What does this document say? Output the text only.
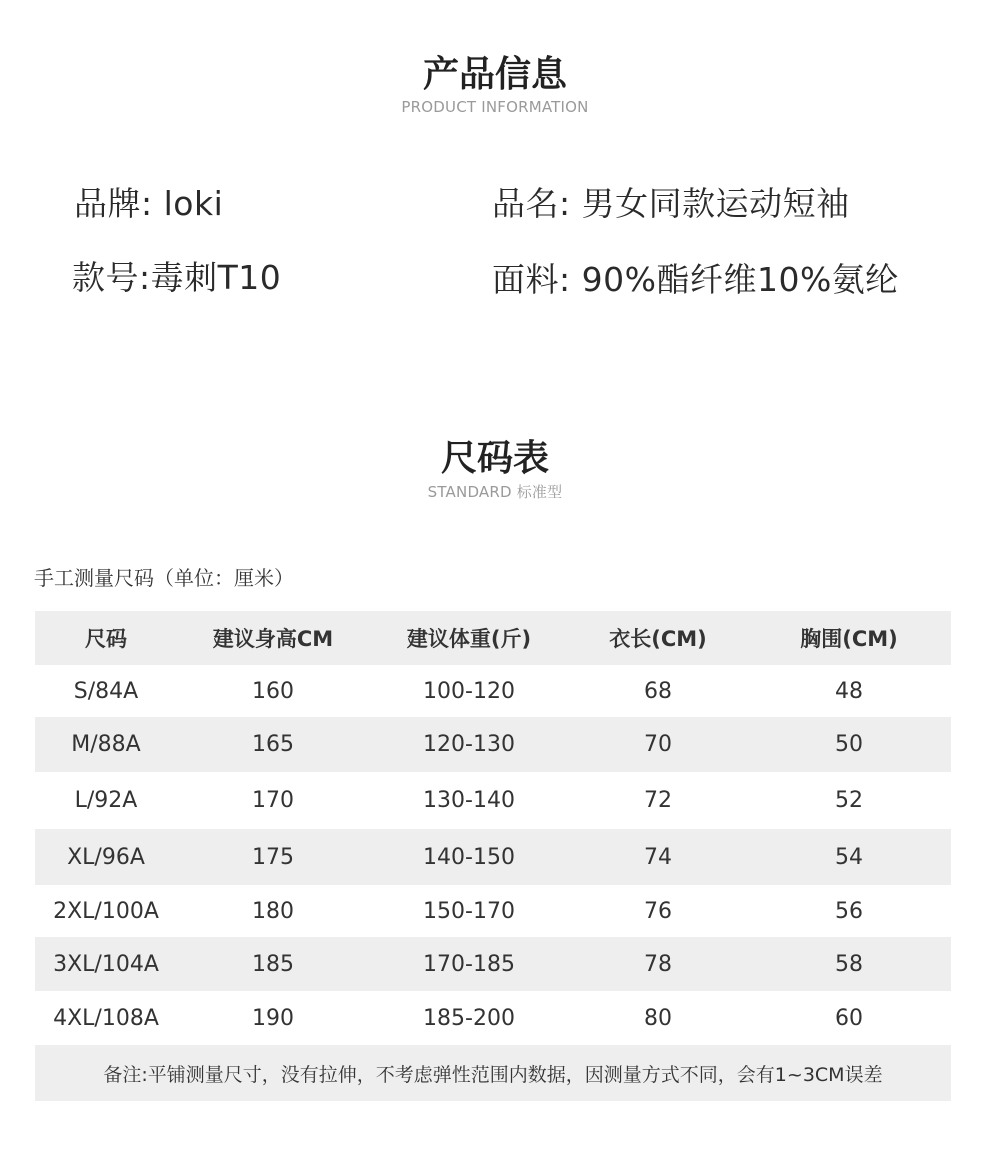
产品信息
PRODUCT INFORMATION
品牌: loki	品名: 男女同款运动短袖
款号:毒刺T10	面料: 90%酯纤维10%氨纶
尺码表
STANDARD 标准型
手工测量尺码（单位：厘米）
尺码	建议身高CM	建议体重(斤)	衣长(CM)	胸围(CM)
S/84A	160	100-120	68	48
M/88A	165	120-130	70	50
L/92A	170	130-140	72	52
XL/96A	175	140-150	74	54
2XL/100A	180	150-170	76	56
3XL/104A	185	170-185	78	58
4XL/108A	190	185-200	80	60
备注:平铺测量尺寸，没有拉伸，不考虑弹性范围内数据，因测量方式不同，会有1~3CM误差
